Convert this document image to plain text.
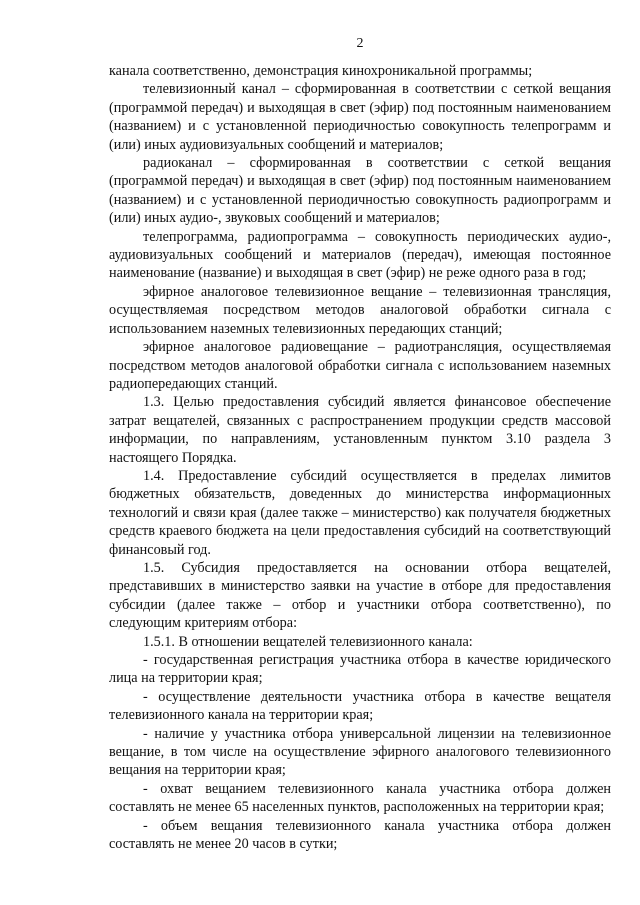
2

канала соответственно, демонстрация кинохроникальной программы;

телевизионный канал – сформированная в соответствии с сеткой вещания (программой передач) и выходящая в свет (эфир) под постоянным наименованием (названием) и с установленной периодичностью совокупность телепрограмм и (или) иных аудиовизуальных сообщений и материалов;

радиоканал – сформированная в соответствии с сеткой вещания (программой передач) и выходящая в свет (эфир) под постоянным наименованием (названием) и с установленной периодичностью совокупность радиопрограмм и (или) иных аудио-, звуковых сообщений и материалов;

телепрограмма, радиопрограмма – совокупность периодических аудио-, аудиовизуальных сообщений и материалов (передач), имеющая постоянное наименование (название) и выходящая в свет (эфир) не реже одного раза в год;

эфирное аналоговое телевизионное вещание – телевизионная трансляция, осуществляемая посредством методов аналоговой обработки сигнала с использованием наземных телевизионных передающих станций;

эфирное аналоговое радиовещание – радиотрансляция, осуществляемая посредством методов аналоговой обработки сигнала с использованием наземных радиопередающих станций.

1.3. Целью предоставления субсидий является финансовое обеспечение затрат вещателей, связанных с распространением продукции средств массовой информации, по направлениям, установленным пунктом 3.10 раздела 3 настоящего Порядка.

1.4. Предоставление субсидий осуществляется в пределах лимитов бюджетных обязательств, доведенных до министерства информационных технологий и связи края (далее также – министерство) как получателя бюджетных средств краевого бюджета на цели предоставления субсидий на соответствующий финансовый год.

1.5. Субсидия предоставляется на основании отбора вещателей, представивших в министерство заявки на участие в отборе для предоставления субсидии (далее также – отбор и участники отбора соответственно), по следующим критериям отбора:

1.5.1. В отношении вещателей телевизионного канала:

- государственная регистрация участника отбора в качестве юридического лица на территории края;

- осуществление деятельности участника отбора в качестве вещателя телевизионного канала на территории края;

- наличие у участника отбора универсальной лицензии на телевизионное вещание, в том числе на осуществление эфирного аналогового телевизионного вещания на территории края;

- охват вещанием телевизионного канала участника отбора должен составлять не менее 65 населенных пунктов, расположенных на территории края;

- объем вещания телевизионного канала участника отбора должен составлять не менее 20 часов в сутки;
